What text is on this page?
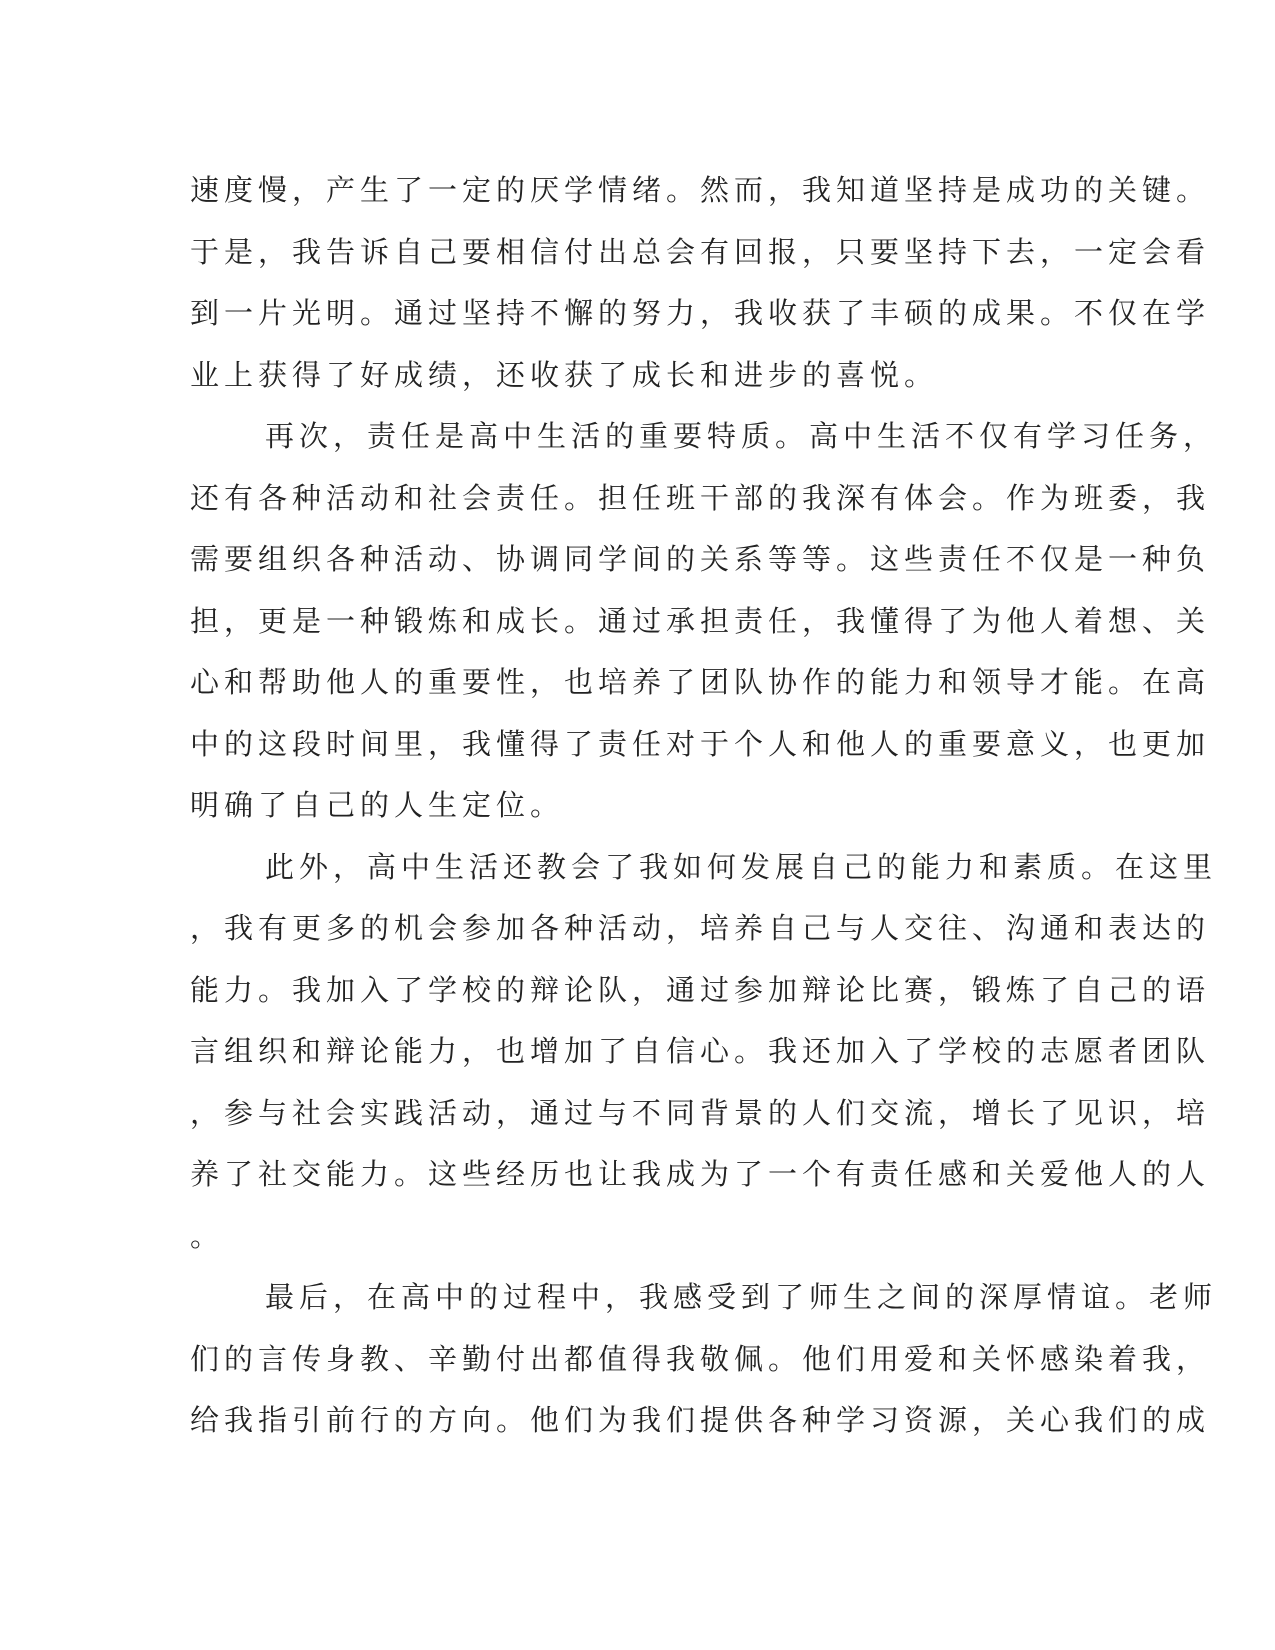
速度慢，产生了一定的厌学情绪。然而，我知道坚持是成功的关键。
于是，我告诉自己要相信付出总会有回报，只要坚持下去，一定会看
到一片光明。通过坚持不懈的努力，我收获了丰硕的成果。不仅在学
业上获得了好成绩，还收获了成长和进步的喜悦。
再次，责任是高中生活的重要特质。高中生活不仅有学习任务，
还有各种活动和社会责任。担任班干部的我深有体会。作为班委，我
需要组织各种活动、协调同学间的关系等等。这些责任不仅是一种负
担，更是一种锻炼和成长。通过承担责任，我懂得了为他人着想、关
心和帮助他人的重要性，也培养了团队协作的能力和领导才能。在高
中的这段时间里，我懂得了责任对于个人和他人的重要意义，也更加
明确了自己的人生定位。
此外，高中生活还教会了我如何发展自己的能力和素质。在这里
，我有更多的机会参加各种活动，培养自己与人交往、沟通和表达的
能力。我加入了学校的辩论队，通过参加辩论比赛，锻炼了自己的语
言组织和辩论能力，也增加了自信心。我还加入了学校的志愿者团队
，参与社会实践活动，通过与不同背景的人们交流，增长了见识，培
养了社交能力。这些经历也让我成为了一个有责任感和关爱他人的人
。
最后，在高中的过程中，我感受到了师生之间的深厚情谊。老师
们的言传身教、辛勤付出都值得我敬佩。他们用爱和关怀感染着我，
给我指引前行的方向。他们为我们提供各种学习资源，关心我们的成
